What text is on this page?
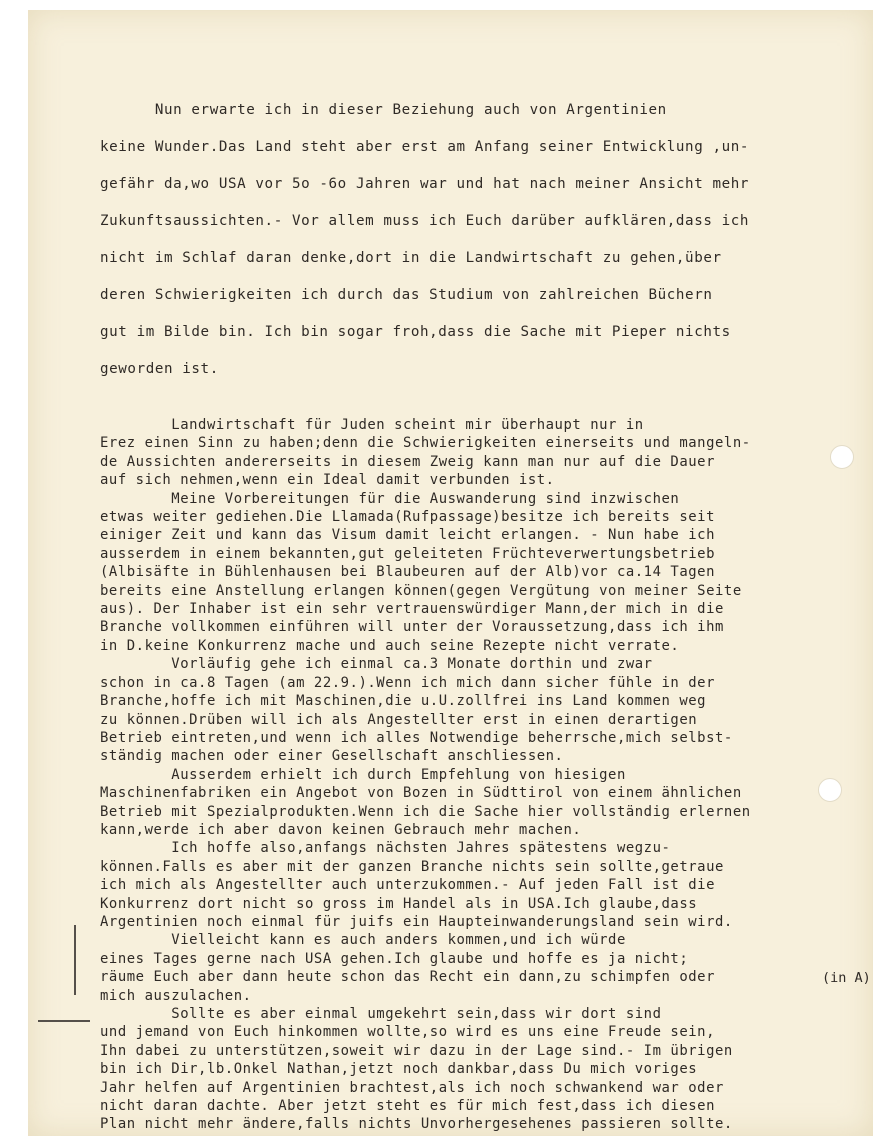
Nun erwarte ich in dieser Beziehung auch von Argentinien
keine Wunder.Das Land steht aber erst am Anfang seiner Entwicklung ,un-
gefähr da,wo USA vor 5o -6o Jahren war und hat nach meiner Ansicht mehr
Zukunftsaussichten.- Vor allem muss ich Euch darüber aufklären,dass ich
nicht im Schlaf daran denke,dort in die Landwirtschaft zu gehen,über
deren Schwierigkeiten ich durch das Studium von zahlreichen Büchern
gut im Bilde bin. Ich bin sogar froh,dass die Sache mit Pieper nichts
geworden ist.
Landwirtschaft für Juden scheint mir überhaupt nur in
Erez einen Sinn zu haben;denn die Schwierigkeiten einerseits und mangeln-
de Aussichten andererseits in diesem Zweig kann man nur auf die Dauer
auf sich nehmen,wenn ein Ideal damit verbunden ist.
Meine Vorbereitungen für die Auswanderung sind inzwischen
etwas weiter gediehen.Die Llamada(Rufpassage)besitze ich bereits seit
einiger Zeit und kann das Visum damit leicht erlangen. - Nun habe ich
ausserdem in einem bekannten,gut geleiteten Früchteverwertungsbetrieb
(Albisäfte in Bühlenhausen bei Blaubeuren auf der Alb)vor ca.14 Tagen
bereits eine Anstellung erlangen können(gegen Vergütung von meiner Seite
aus). Der Inhaber ist ein sehr vertrauenswürdiger Mann,der mich in die
Branche vollkommen einführen will unter der Voraussetzung,dass ich ihm
in D.keine Konkurrenz mache und auch seine Rezepte nicht verrate.
Vorläufig gehe ich einmal ca.3 Monate dorthin und zwar
schon in ca.8 Tagen (am 22.9.).Wenn ich mich dann sicher fühle in der
Branche,hoffe ich mit Maschinen,die u.U.zollfrei ins Land kommen weg
zu können.Drüben will ich als Angestellter erst in einen derartigen
Betrieb eintreten,und wenn ich alles Notwendige beherrsche,mich selbst-
ständig machen oder einer Gesellschaft anschliessen.
Ausserdem erhielt ich durch Empfehlung von hiesigen
Maschinenfabriken ein Angebot von Bozen in Südttirol von einem ähnlichen
Betrieb mit Spezialprodukten.Wenn ich die Sache hier vollständig erlernen
kann,werde ich aber davon keinen Gebrauch mehr machen.
Ich hoffe also,anfangs nächsten Jahres spätestens wegzu-
können.Falls es aber mit der ganzen Branche nichts sein sollte,getraue
ich mich als Angestellter auch unterzukommen.- Auf jeden Fall ist die
Konkurrenz dort nicht so gross im Handel als in USA.Ich glaube,dass
Argentinien noch einmal für juifs ein Haupteinwanderungsland sein wird.
Vielleicht kann es auch anders kommen,und ich würde
eines Tages gerne nach USA gehen.Ich glaube und hoffe es ja nicht;
räume Euch aber dann heute schon das Recht ein dann,zu schimpfen oder
mich auszulachen.
Sollte es aber einmal umgekehrt sein,dass wir dort sind
und jemand von Euch hinkommen wollte,so wird es uns eine Freude sein,
Ihn dabei zu unterstützen,soweit wir dazu in der Lage sind.- Im übrigen
bin ich Dir,lb.Onkel Nathan,jetzt noch dankbar,dass Du mich voriges
Jahr helfen auf Argentinien brachtest,als ich noch schwankend war oder
nicht daran dachte. Aber jetzt steht es für mich fest,dass ich diesen
Plan nicht mehr ändere,falls nichts Unvorhergesehenes passieren sollte.
(in A)
